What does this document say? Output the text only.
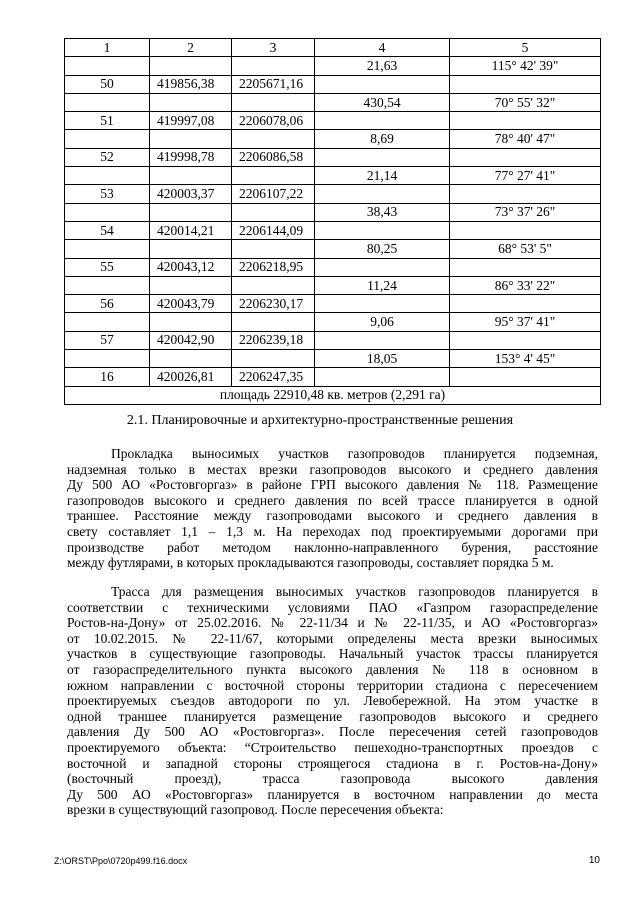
1	2	3	4	5
			21,63	115° 42' 39"
50	419856,38	2205671,16		
			430,54	70° 55' 32"
51	419997,08	2206078,06		
			8,69	78° 40' 47"
52	419998,78	2206086,58		
			21,14	77° 27' 41"
53	420003,37	2206107,22		
			38,43	73° 37' 26"
54	420014,21	2206144,09		
			80,25	68° 53' 5"
55	420043,12	2206218,95		
			11,24	86° 33' 22"
56	420043,79	2206230,17		
			9,06	95° 37' 41"
57	420042,90	2206239,18		
			18,05	153° 4' 45"
16	420026,81	2206247,35		
площадь 22910,48 кв. метров (2,291 га)				
2.1. Планировочные и архитектурно-пространственные решения
Прокладка выносимых участков газопроводов планируется подземная,
надземная только в местах врезки газопроводов высокого и среднего давления
Ду 500 АО «Ростовгоргаз» в районе ГРП высокого давления № 118. Размещение
газопроводов высокого и среднего давления по всей трассе планируется в одной
траншее. Расстояние между газопроводами высокого и среднего давления в
свету составляет 1,1 – 1,3 м. На переходах под проектируемыми дорогами при
производстве работ методом наклонно-направленного бурения, расстояние
между футлярами, в которых прокладываются газопроводы, составляет порядка 5 м.
Трасса для размещения выносимых участков газопроводов планируется в
соответствии с техническими условиями ПАО «Газпром газораспределение
Ростов-на-Дону» от 25.02.2016. № 22-11/34 и № 22-11/35, и АО «Ростовгоргаз»
от 10.02.2015. № 22-11/67, которыми определены места врезки выносимых
участков в существующие газопроводы. Начальный участок трассы планируется
от газораспределительного пункта высокого давления № 118 в основном в
южном направлении с восточной стороны территории стадиона с пересечением
проектируемых съездов автодороги по ул. Левобережной. На этом участке в
одной траншее планируется размещение газопроводов высокого и среднего
давления Ду 500 АО «Ростовгоргаз». После пересечения сетей газопроводов
проектируемого объекта: “Строительство пешеходно-транспортных проездов с
восточной и западной стороны строящегося стадиона в г. Ростов-на-Дону»
(восточный проезд), трасса газопровода высокого давления
Ду 500 АО «Ростовгоргаз» планируется в восточном направлении до места
врезки в существующий газопровод. После пересечения объекта:
Z:\ORST\Ppo\0720p499.f16.docx	10
